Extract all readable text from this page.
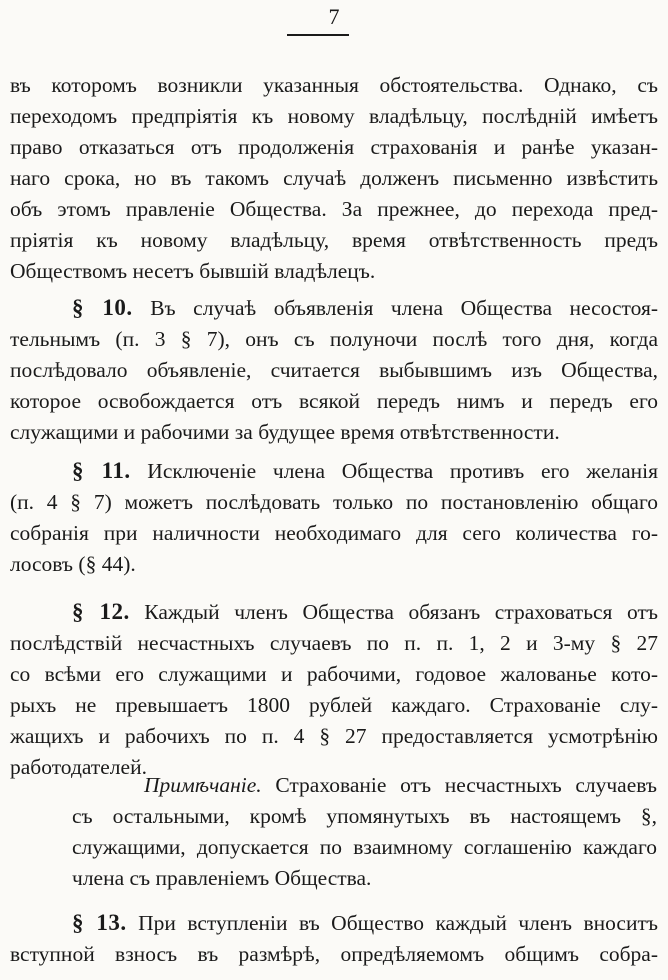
7
въ которомъ возникли указанныя обстоятельства. Однако, съ
переходомъ предпріятія къ новому владѣльцу, послѣдній имѣетъ
право отказаться отъ продолженія страхованія и ранѣе указан-
наго срока, но въ такомъ случаѣ долженъ письменно извѣстить
объ этомъ правленіе Общества. За прежнее, до перехода пред-
пріятія къ новому владѣльцу, время отвѣтственность предъ
Обществомъ несетъ бывшій владѣлецъ.
§ 10. Въ случаѣ объявленія члена Общества несостоя-
тельнымъ (п. 3 § 7), онъ съ полуночи послѣ того дня, когда
послѣдовало объявленіе, считается выбывшимъ изъ Общества,
которое освобождается отъ всякой передъ нимъ и передъ его
служащими и рабочими за будущее время отвѣтственности.
§ 11. Исключеніе члена Общества противъ его желанія
(п. 4 § 7) можетъ послѣдовать только по постановленію общаго
собранія при наличности необходимаго для сего количества го-
лосовъ (§ 44).
§ 12. Каждый членъ Общества обязанъ страховаться отъ
послѣдствій несчастныхъ случаевъ по п. п. 1, 2 и 3-му § 27
со всѣми его служащими и рабочими, годовое жалованье кото-
рыхъ не превышаетъ 1800 рублей каждаго. Страхованіе слу-
жащихъ и рабочихъ по п. 4 § 27 предоставляется усмотрѣнію
работодателей.
Примѣчаніе. Страхованіе отъ несчастныхъ случаевъ
съ остальными, кромѣ упомянутыхъ въ настоящемъ §,
служащими, допускается по взаимному соглашенію каждаго
члена съ правленіемъ Общества.
§ 13. При вступленіи въ Общество каждый членъ вноситъ
вступной взносъ въ размѣрѣ, опредѣляемомъ общимъ собра-
